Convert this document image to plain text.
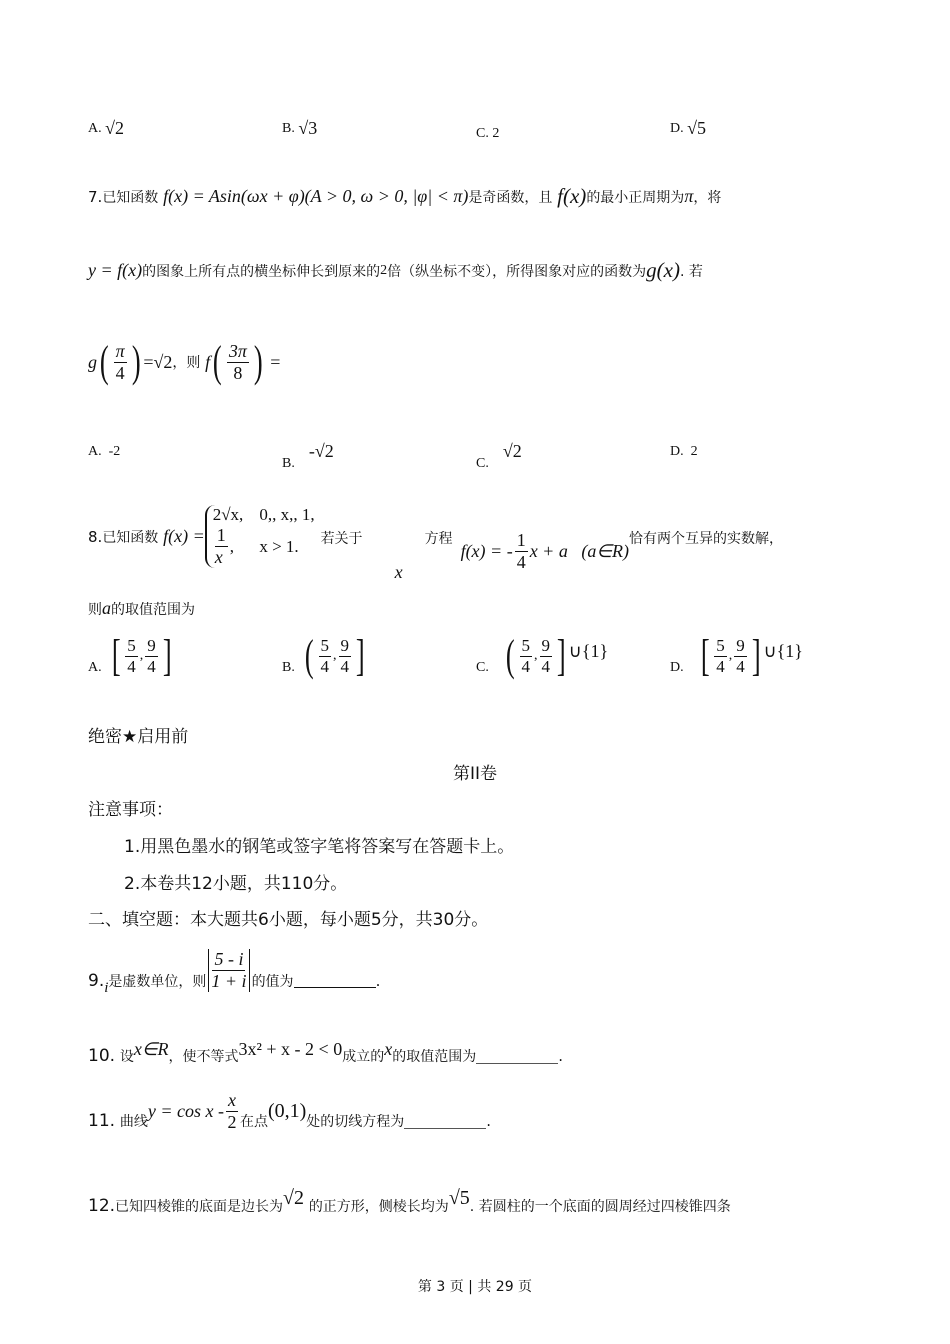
A.
√2	B.
√3	C.
2	D.
√5
7. 已知函数
f(x) = Asin(ωx + φ)(A > 0, ω > 0, |φ| < π) 是奇函数，且
f(x) 的最小正周期为 π ，将
y = f(x) 的图象上所有点的横坐标伸长到原来的 2 倍（纵坐标不变），所得图象对应的函数为 g(x) . 若
g ( $\frac{\pi}{4}$ ) =√2 ，则
f ( $\frac{3\pi}{8}$ )
=
A.
-2
B.

-√2
C.

√2	D.
2
8. 已知函数
f(x) =
2√x, 0,, x,, 1,
$\frac{1}{x}$ , x > 1.	若关于
x
方程
f(x) = - $\frac{1}{4}$ x + a   (a∈R)
恰有两个互异的实数解，
则 a 的取值范围为
A.
[ $\frac{5}{4}$ , $\frac{9}{4}$ ]	B.
( $\frac{5}{4}$ , $\frac{9}{4}$ ]	C.
( $\frac{5}{4}$ , $\frac{9}{4}$ ] ∪{1}
D.
[ $\frac{5}{4}$ , $\frac{9}{4}$ ] ∪{1}
绝密★启用前
第II卷
注意事项：
1.用黑色墨水的钢笔或签字笔将答案写在答题卡上。
2.本卷共12小题，共110分。
二、填空题：本大题共6小题，每小题5分，共30分。
9. i 是虚数单位，则 $\frac{5 - i}{1 + i}$ 的值为	.
10.
设 x∈R ，使不等式 3x² + x - 2 < 0 成立的 x 的取值范围为	.
11.
曲线
$y = \cos x - \frac{x}{2}$ 在点
(0,1)
处的切线方程为	.
12. 已知四棱锥的底面是边长为 √2
的正方形，侧棱长均为 √5 . 若圆柱的一个底面的圆周经过四棱锥四条
第 3 页 | 共 29 页
